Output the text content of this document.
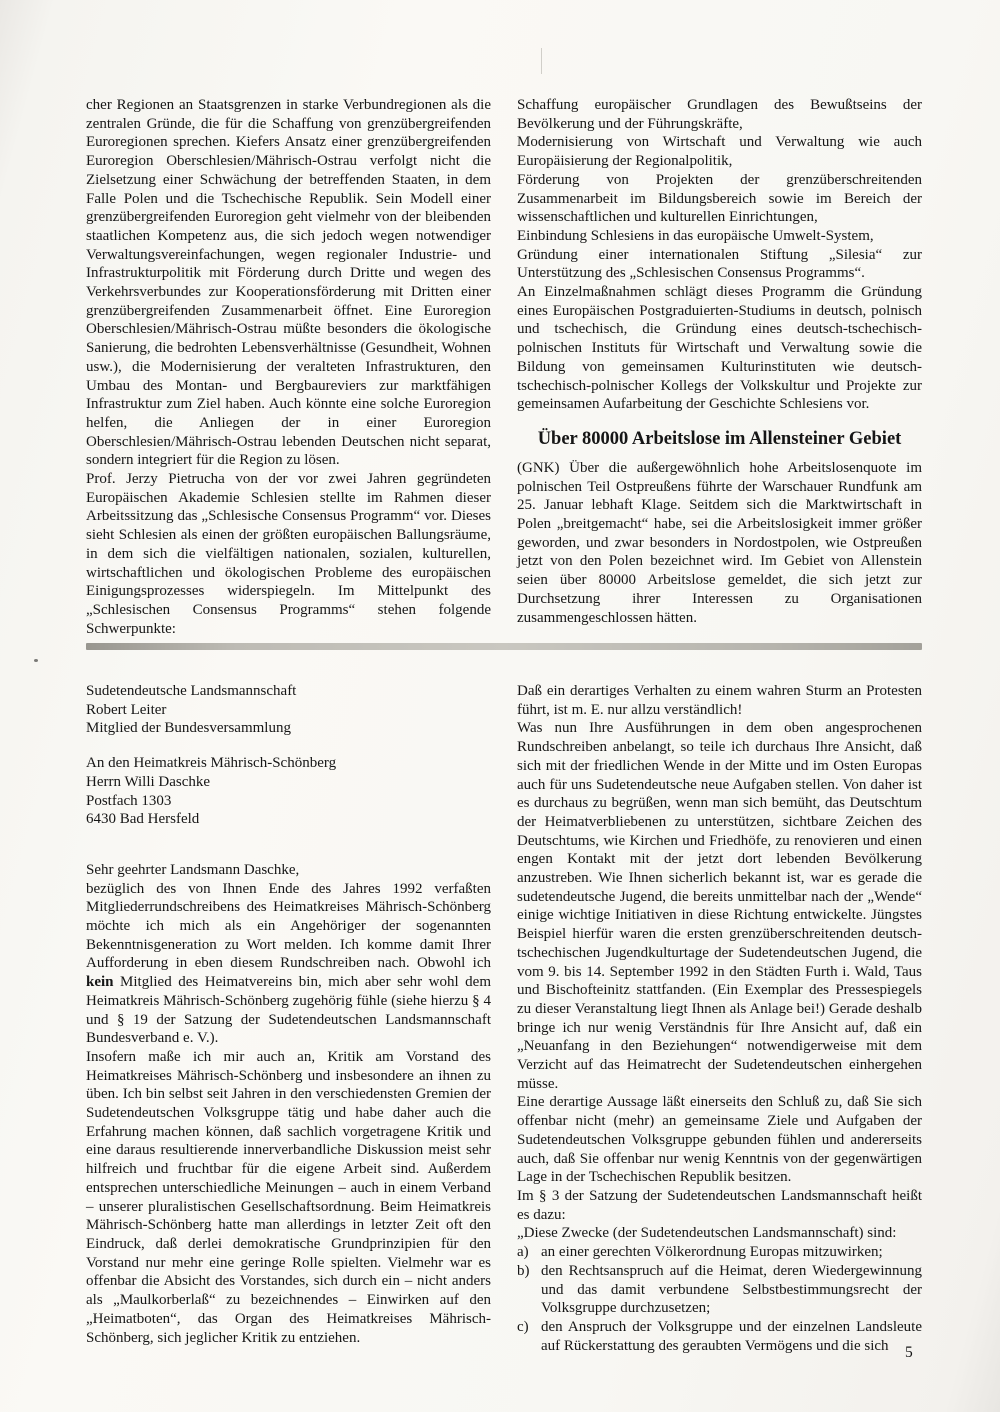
cher Regionen an Staatsgrenzen in starke Verbundregionen als die zentralen Gründe, die für die Schaffung von grenzübergreifenden Euroregionen sprechen. Kiefers Ansatz einer grenzübergreifenden Euroregion Oberschlesien/Mährisch-Ostrau verfolgt nicht die Zielsetzung einer Schwächung der betreffenden Staaten, in dem Falle Polen und die Tschechische Republik. Sein Modell einer grenzübergreifenden Euroregion geht vielmehr von der bleibenden staatlichen Kompetenz aus, die sich jedoch wegen notwendiger Verwaltungsvereinfachungen, wegen regionaler Industrie- und Infrastrukturpolitik mit Förderung durch Dritte und wegen des Verkehrsverbundes zur Kooperationsförderung mit Dritten einer grenzübergreifenden Zusammenarbeit öffnet. Eine Euroregion Oberschlesien/Mährisch-Ostrau müßte besonders die ökologische Sanierung, die bedrohten Lebensverhältnisse (Gesundheit, Wohnen usw.), die Modernisierung der veralteten Infrastrukturen, den Umbau des Montan- und Bergbaureviers zur marktfähigen Infrastruktur zum Ziel haben. Auch könnte eine solche Euroregion helfen, die Anliegen der in einer Euroregion Oberschlesien/Mährisch-Ostrau lebenden Deutschen nicht separat, sondern integriert für die Region zu lösen.

Prof. Jerzy Pietrucha von der vor zwei Jahren gegründeten Europäischen Akademie Schlesien stellte im Rahmen dieser Arbeitssitzung das „Schlesische Consensus Programm“ vor. Dieses sieht Schlesien als einen der größten europäischen Ballungsräume, in dem sich die vielfältigen nationalen, sozialen, kulturellen, wirtschaftlichen und ökologischen Probleme des europäischen Einigungsprozesses widerspiegeln. Im Mittelpunkt des „Schlesischen Consensus Programms“ stehen folgende Schwerpunkte:

Schaffung europäischer Grundlagen des Bewußtseins der Bevölkerung und der Führungskräfte,

Modernisierung von Wirtschaft und Verwaltung wie auch Europäisierung der Regionalpolitik,

Förderung von Projekten der grenzüberschreitenden Zusammenarbeit im Bildungsbereich sowie im Bereich der wissenschaftlichen und kulturellen Einrichtungen,

Einbindung Schlesiens in das europäische Umwelt-System,

Gründung einer internationalen Stiftung „Silesia“ zur Unterstützung des „Schlesischen Consensus Programms“.

An Einzelmaßnahmen schlägt dieses Programm die Gründung eines Europäischen Postgraduierten-Studiums in deutsch, polnisch und tschechisch, die Gründung eines deutsch-tschechisch-polnischen Instituts für Wirtschaft und Verwaltung sowie die Bildung von gemeinsamen Kulturinstituten wie deutsch-tschechisch-polnischer Kollegs der Volkskultur und Projekte zur gemeinsamen Aufarbeitung der Geschichte Schlesiens vor.

Über 80000 Arbeitslose im Allensteiner Gebiet

(GNK) Über die außergewöhnlich hohe Arbeitslosenquote im polnischen Teil Ostpreußens führte der Warschauer Rundfunk am 25. Januar lebhaft Klage. Seitdem sich die Marktwirtschaft in Polen „breitgemacht“ habe, sei die Arbeitslosigkeit immer größer geworden, und zwar besonders in Nordostpolen, wie Ostpreußen jetzt von den Polen bezeichnet wird. Im Gebiet von Allenstein seien über 80000 Arbeitslose gemeldet, die sich jetzt zur Durchsetzung ihrer Interessen zu Organisationen zusammengeschlossen hätten.

Sudetendeutsche Landsmannschaft
Robert Leiter
Mitglied der Bundesversammlung
An den Heimatkreis Mährisch-Schönberg
Herrn Willi Daschke
Postfach 1303
6430 Bad Hersfeld
Sehr geehrter Landsmann Daschke,

bezüglich des von Ihnen Ende des Jahres 1992 verfaßten Mitgliederrundschreibens des Heimatkreises Mährisch-Schönberg möchte ich mich als ein Angehöriger der sogenannten Bekenntnisgeneration zu Wort melden. Ich komme damit Ihrer Aufforderung in eben diesem Rundschreiben nach. Obwohl ich kein Mitglied des Heimatvereins bin, mich aber sehr wohl dem Heimatkreis Mährisch-Schönberg zugehörig fühle (siehe hierzu § 4 und § 19 der Satzung der Sudetendeutschen Landsmannschaft Bundesverband e. V.).

Insofern maße ich mir auch an, Kritik am Vorstand des Heimatkreises Mährisch-Schönberg und insbesondere an ihnen zu üben. Ich bin selbst seit Jahren in den verschiedensten Gremien der Sudetendeutschen Volksgruppe tätig und habe daher auch die Erfahrung machen können, daß sachlich vorgetragene Kritik und eine daraus resultierende innerverbandliche Diskussion meist sehr hilfreich und fruchtbar für die eigene Arbeit sind. Außerdem entsprechen unterschiedliche Meinungen – auch in einem Verband – unserer pluralistischen Gesellschaftsordnung. Beim Heimatkreis Mährisch-Schönberg hatte man allerdings in letzter Zeit oft den Eindruck, daß derlei demokratische Grundprinzipien für den Vorstand nur mehr eine geringe Rolle spielten. Vielmehr war es offenbar die Absicht des Vorstandes, sich durch ein – nicht anders als „Maulkorberlaß“ zu bezeichnendes – Einwirken auf den „Heimatboten“, das Organ des Heimatkreises Mährisch-Schönberg, sich jeglicher Kritik zu entziehen.

Daß ein derartiges Verhalten zu einem wahren Sturm an Protesten führt, ist m. E. nur allzu verständlich!

Was nun Ihre Ausführungen in dem oben angesprochenen Rundschreiben anbelangt, so teile ich durchaus Ihre Ansicht, daß sich mit der friedlichen Wende in der Mitte und im Osten Europas auch für uns Sudetendeutsche neue Aufgaben stellen. Von daher ist es durchaus zu begrüßen, wenn man sich bemüht, das Deutschtum der Heimatverbliebenen zu unterstützen, sichtbare Zeichen des Deutschtums, wie Kirchen und Friedhöfe, zu renovieren und einen engen Kontakt mit der jetzt dort lebenden Bevölkerung anzustreben. Wie Ihnen sicherlich bekannt ist, war es gerade die sudetendeutsche Jugend, die bereits unmittelbar nach der „Wende“ einige wichtige Initiativen in diese Richtung entwickelte. Jüngstes Beispiel hierfür waren die ersten grenzüberschreitenden deutsch-tschechischen Jugendkulturtage der Sudetendeutschen Jugend, die vom 9. bis 14. September 1992 in den Städten Furth i. Wald, Taus und Bischofteinitz stattfanden. (Ein Exemplar des Pressespiegels zu dieser Veranstaltung liegt Ihnen als Anlage bei!) Gerade deshalb bringe ich nur wenig Verständnis für Ihre Ansicht auf, daß ein „Neuanfang in den Beziehungen“ notwendigerweise mit dem Verzicht auf das Heimatrecht der Sudetendeutschen einhergehen müsse.

Eine derartige Aussage läßt einerseits den Schluß zu, daß Sie sich offenbar nicht (mehr) an gemeinsame Ziele und Aufgaben der Sudetendeutschen Volksgruppe gebunden fühlen und andererseits auch, daß Sie offenbar nur wenig Kenntnis von der gegenwärtigen Lage in der Tschechischen Republik besitzen.

Im § 3 der Satzung der Sudetendeutschen Landsmannschaft heißt es dazu:

„Diese Zwecke (der Sudetendeutschen Landsmannschaft) sind:

a) an einer gerechten Völkerordnung Europas mitzuwirken;
b) den Rechtsanspruch auf die Heimat, deren Wiedergewinnung und das damit verbundene Selbstbestimmungsrecht der Volksgruppe durchzusetzen;
c) den Anspruch der Volksgruppe und der einzelnen Landsleute auf Rückerstattung des geraubten Vermögens und die sich	5
